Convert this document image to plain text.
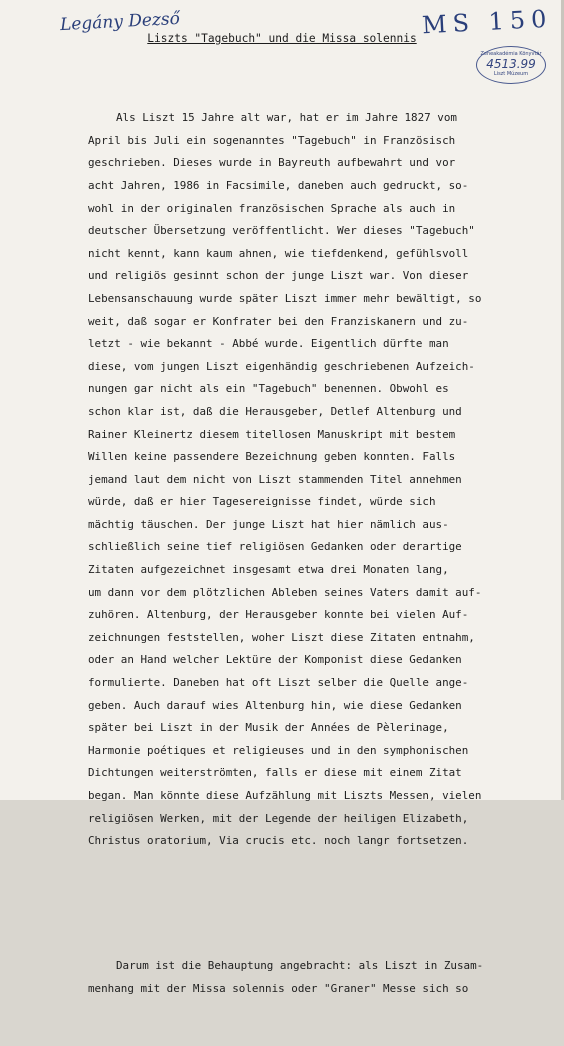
Legány Dezső	MS 150
Zeneakadémia Könyvtár
4513.99
Liszt Múzeum
Liszts "Tagebuch" und die Missa solennis

Als Liszt 15 Jahre alt war, hat er im Jahre 1827 vom
April bis Juli ein sogenanntes "Tagebuch" in Französisch
geschrieben. Dieses wurde in Bayreuth aufbewahrt und vor
acht Jahren, 1986 in Facsimile, daneben auch gedruckt, so-
wohl in der originalen französischen Sprache als auch in
deutscher Übersetzung veröffentlicht. Wer dieses "Tagebuch"
nicht kennt, kann kaum ahnen, wie tiefdenkend, gefühlsvoll
und religiös gesinnt schon der junge Liszt war. Von dieser
Lebensanschauung wurde später Liszt immer mehr bewältigt, so
weit, daß sogar er Konfrater bei den Franziskanern und zu-
letzt - wie bekannt - Abbé wurde. Eigentlich dürfte man
diese, vom jungen Liszt eigenhändig geschriebenen Aufzeich-
nungen gar nicht als ein "Tagebuch" benennen. Obwohl es
schon klar ist, daß die Herausgeber, Detlef Altenburg und
Rainer Kleinertz diesem titellosen Manuskript mit bestem
Willen keine passendere Bezeichnung geben konnten. Falls
jemand laut dem nicht von Liszt stammenden Titel annehmen
würde, daß er hier Tagesereignisse findet, würde sich
mächtig täuschen. Der junge Liszt hat hier nämlich aus-
schließlich seine tief religiösen Gedanken oder derartige
Zitaten aufgezeichnet insgesamt etwa drei Monaten lang,
um dann vor dem plötzlichen Ableben seines Vaters damit auf-
zuhören. Altenburg, der Herausgeber konnte bei vielen Auf-
zeichnungen feststellen, woher Liszt diese Zitaten entnahm,
oder an Hand welcher Lektüre der Komponist diese Gedanken
formulierte. Daneben hat oft Liszt selber die Quelle ange-
geben. Auch darauf wies Altenburg hin, wie diese Gedanken
später bei Liszt in der Musik der Années de Pèlerinage,
Harmonie poétiques et religieuses und in den symphonischen
Dichtungen weiterströmten, falls er diese mit einem Zitat
began. Man könnte diese Aufzählung mit Liszts Messen, vielen
religiösen Werken, mit der Legende der heiligen Elizabeth,
Christus oratorium, Via crucis etc. noch langr fortsetzen.

Darum ist die Behauptung angebracht: als Liszt in Zusam-
menhang mit der Missa solennis oder "Graner" Messe sich so
